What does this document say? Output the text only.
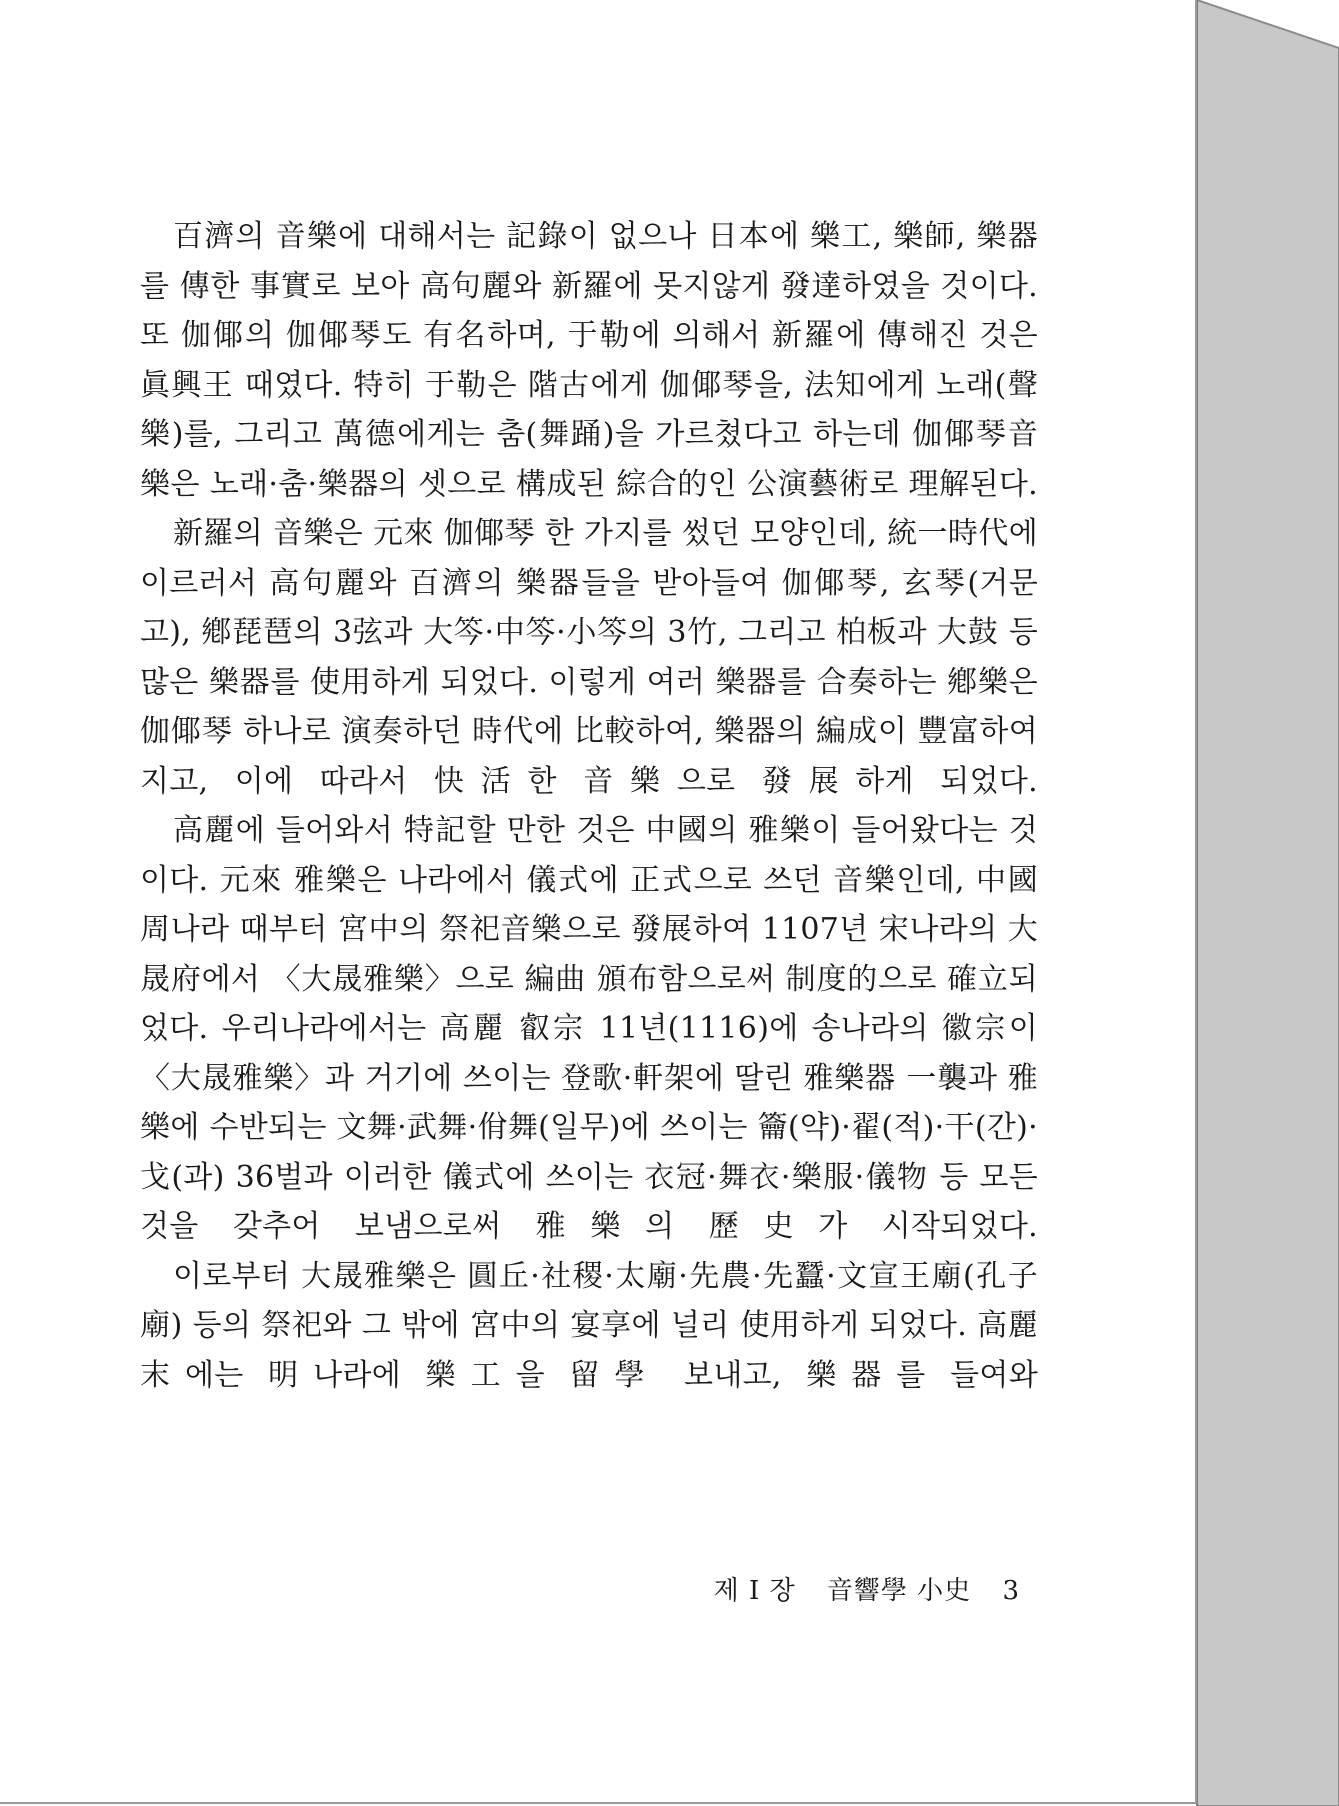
百濟의 音樂에 대해서는 記錄이 없으나 日本에 樂工, 樂師, 樂器를 傳한 事實로 보아 高句麗와 新羅에 못지않게 發達하였을 것이다. 또 伽倻의 伽倻琴도 有名하며, 于勒에 의해서 新羅에 傳해진 것은 眞興王 때였다. 特히 于勒은 階古에게 伽倻琴을, 法知에게 노래(聲樂)를, 그리고 萬德에게는 춤(舞踊)을 가르쳤다고 하는데 伽倻琴音樂은 노래·춤·樂器의 셋으로 構成된 綜合的인 公演藝術로 理解된다.

新羅의 音樂은 元來 伽倻琴 한 가지를 썼던 모양인데, 統一時代에 이르러서 高句麗와 百濟의 樂器들을 받아들여 伽倻琴, 玄琴(거문고), 鄕琵琶의 3弦과 大笒·中笒·小笒의 3竹, 그리고 柏板과 大鼓 등 많은 樂器를 使用하게 되었다. 이렇게 여러 樂器를 合奏하는 鄕樂은 伽倻琴 하나로 演奏하던 時代에 比較하여, 樂器의 編成이 豐富하여지고, 이에 따라서 快活한 音樂으로 發展하게 되었다.

高麗에 들어와서 特記할 만한 것은 中國의 雅樂이 들어왔다는 것이다. 元來 雅樂은 나라에서 儀式에 正式으로 쓰던 音樂인데, 中國 周나라 때부터 宮中의 祭祀音樂으로 發展하여 1107년 宋나라의 大晟府에서 〈大晟雅樂〉으로 編曲 頒布함으로써 制度的으로 確立되었다. 우리나라에서는 高麗 叡宗 11년(1116)에 송나라의 徽宗이 〈大晟雅樂〉과 거기에 쓰이는 登歌·軒架에 딸린 雅樂器 一襲과 雅樂에 수반되는 文舞·武舞·佾舞(일무)에 쓰이는 籥(약)·翟(적)·干(간)·戈(과) 36벌과 이러한 儀式에 쓰이는 衣冠·舞衣·樂服·儀物 등 모든 것을 갖추어 보냄으로써 雅樂의 歷史가 시작되었다.

이로부터 大晟雅樂은 圓丘·社稷·太廟·先農·先蠶·文宣王廟(孔子廟) 등의 祭祀와 그 밖에 宮中의 宴享에 널리 使用하게 되었다. 高麗末에는 明나라에 樂工을 留學 보내고, 樂器를 들여와

제 I 장 音響學 小史 3
